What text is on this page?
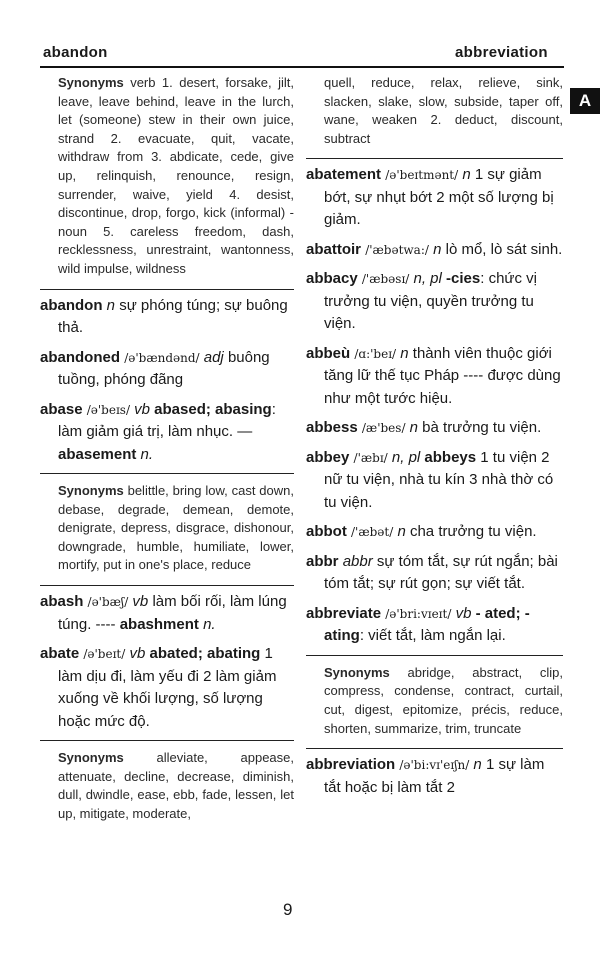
abandon	abbreviation
A
Synonyms verb 1. desert, forsake, jilt, leave, leave behind, leave in the lurch, let (someone) stew in their own juice, strand 2. evacuate, quit, vacate, withdraw from 3. abdicate, cede, give up, relinquish, renounce, resign, surrender, waive, yield 4. desist, discontinue, drop, forgo, kick (informal) -noun 5. careless freedom, dash, recklessness, unrestraint, wantonness, wild impulse, wildness
abandon n sự phóng túng; sự buông thả.
abandoned /ə'bændənd/ adj buông tuồng, phóng đãng
abase /ə'beɪs/ vb abased; abasing: làm giảm giá trị, làm nhục. — abasement n.
Synonyms belittle, bring low, cast down, debase, degrade, demean, demote, denigrate, depress, disgrace, dishonour, downgrade, humble, humiliate, lower, mortify, put in one's place, reduce
abash /ə'bæʃ/ vb làm bối rối, làm lúng túng. ---- abashment n.
abate /ə'beɪt/ vb abated; abating 1 làm dịu đi, làm yếu đi 2 làm giảm xuống về khối lượng, số lượng hoặc mức độ.
Synonyms alleviate, appease, attenuate, decline, decrease, diminish, dull, dwindle, ease, ebb, fade, lessen, let up, mitigate, moderate,
quell, reduce, relax, relieve, sink, slacken, slake, slow, subside, taper off, wane, weaken 2. deduct, discount, subtract
abatement /ə'beɪtmənt/ n 1 sự giảm bớt, sự nhụt bớt 2 một số lượng bị giảm.
abattoir /'æbətwa:/ n lò mổ, lò sát sinh.
abbacy /'æbəsɪ/ n, pl -cies: chức vị trưởng tu viện, quyền trưởng tu viện.
abbeù /ɑ:'beɪ/ n thành viên thuộc giới tăng lữ thế tục Pháp ---- được dùng như một tước hiệu.
abbess /æ'bes/ n bà trưởng tu viện.
abbey /'æbɪ/ n, pl abbeys 1 tu viện 2 nữ tu viện, nhà tu kín 3 nhà thờ có tu viện.
abbot /'æbət/ n cha trưởng tu viện.
abbr abbr sự tóm tắt, sự rút ngắn; bài tóm tắt; sự rút gọn; sự viết tắt.
abbreviate /ə'bri:vɪeɪt/ vb - ated; -ating: viết tắt, làm ngắn lại.
Synonyms abridge, abstract, clip, compress, condense, contract, curtail, cut, digest, epitomize, précis, reduce, shorten, summarize, trim, truncate
abbreviation /ə'bi:vɪ'eɪʃn/ n 1 sự làm tắt hoặc bị làm tắt 2
9
